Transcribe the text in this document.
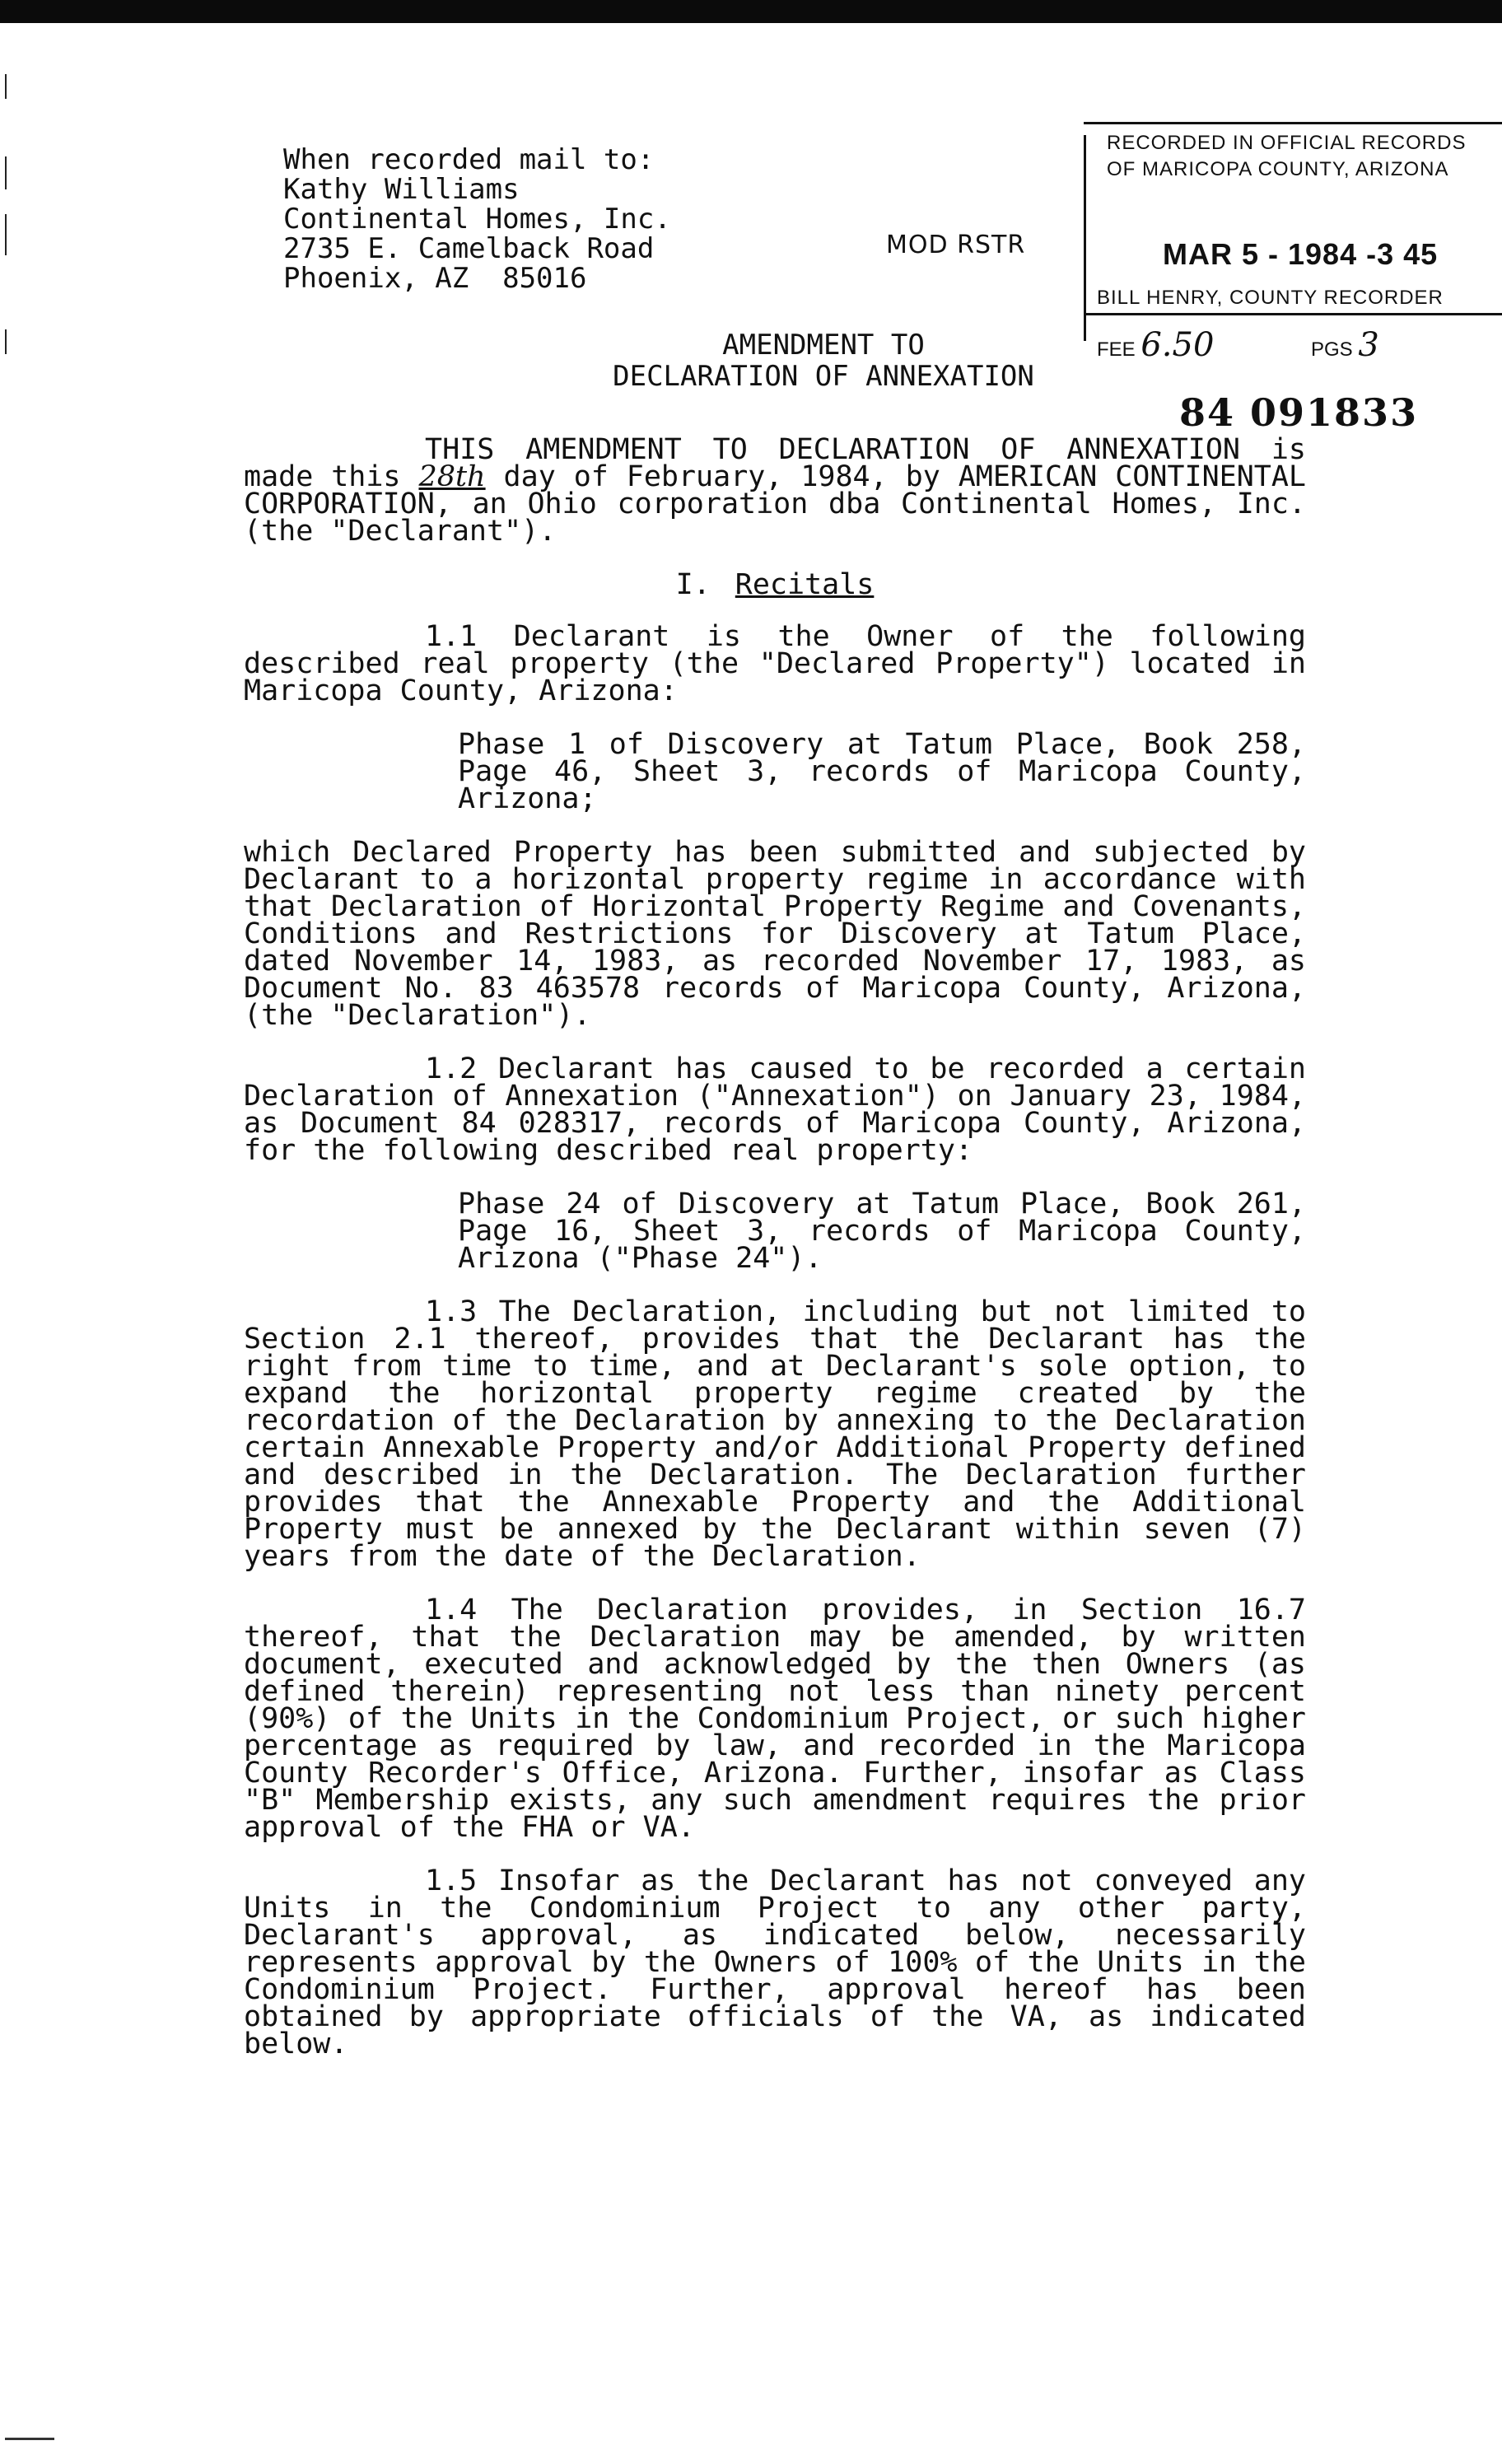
When recorded mail to:
Kathy Williams
Continental Homes, Inc.
2735 E. Camelback Road
Phoenix, AZ  85016
MOD RSTR
RECORDED IN OFFICIAL RECORDS
OF MARICOPA COUNTY, ARIZONA
MAR 5 - 1984 -3 45
BILL HENRY, COUNTY RECORDER
FEE 6.50	PGS 3
84 091833
AMENDMENT TO
DECLARATION OF ANNEXATION

THIS AMENDMENT TO DECLARATION OF ANNEXATION is made this 28th day of February, 1984, by AMERICAN CONTINENTAL CORPORATION, an Ohio corporation dba Continental Homes, Inc. (the "Declarant").

I. Recitals

1.1 Declarant is the Owner of the following described real property (the "Declared Property") located in Maricopa County, Arizona:

Phase 1 of Discovery at Tatum Place, Book 258, Page 46, Sheet 3, records of Maricopa County, Arizona;

which Declared Property has been submitted and subjected by Declarant to a horizontal property regime in accordance with that Declaration of Horizontal Property Regime and Covenants, Conditions and Restrictions for Discovery at Tatum Place, dated November 14, 1983, as recorded November 17, 1983, as Document No. 83 463578 records of Maricopa County, Arizona, (the "Declaration").

1.2 Declarant has caused to be recorded a certain Declaration of Annexation ("Annexation") on January 23, 1984, as Document 84 028317, records of Maricopa County, Arizona, for the following described real property:

Phase 24 of Discovery at Tatum Place, Book 261, Page 16, Sheet 3, records of Maricopa County, Arizona ("Phase 24").

1.3 The Declaration, including but not limited to Section 2.1 thereof, provides that the Declarant has the right from time to time, and at Declarant's sole option, to expand the horizontal property regime created by the recordation of the Declaration by annexing to the Declaration certain Annexable Property and/or Additional Property defined and described in the Declaration. The Declaration further provides that the Annexable Property and the Additional Property must be annexed by the Declarant within seven (7) years from the date of the Declaration.

1.4 The Declaration provides, in Section 16.7 thereof, that the Declaration may be amended, by written document, executed and acknowledged by the then Owners (as defined therein) representing not less than ninety percent (90%) of the Units in the Condominium Project, or such higher percentage as required by law, and recorded in the Maricopa County Recorder's Office, Arizona. Further, insofar as Class "B" Membership exists, any such amendment requires the prior approval of the FHA or VA.

1.5 Insofar as the Declarant has not conveyed any Units in the Condominium Project to any other party, Declarant's approval, as indicated below, necessarily represents approval by the Owners of 100% of the Units in the Condominium Project. Further, approval hereof has been obtained by appropriate officials of the VA, as indicated below.
